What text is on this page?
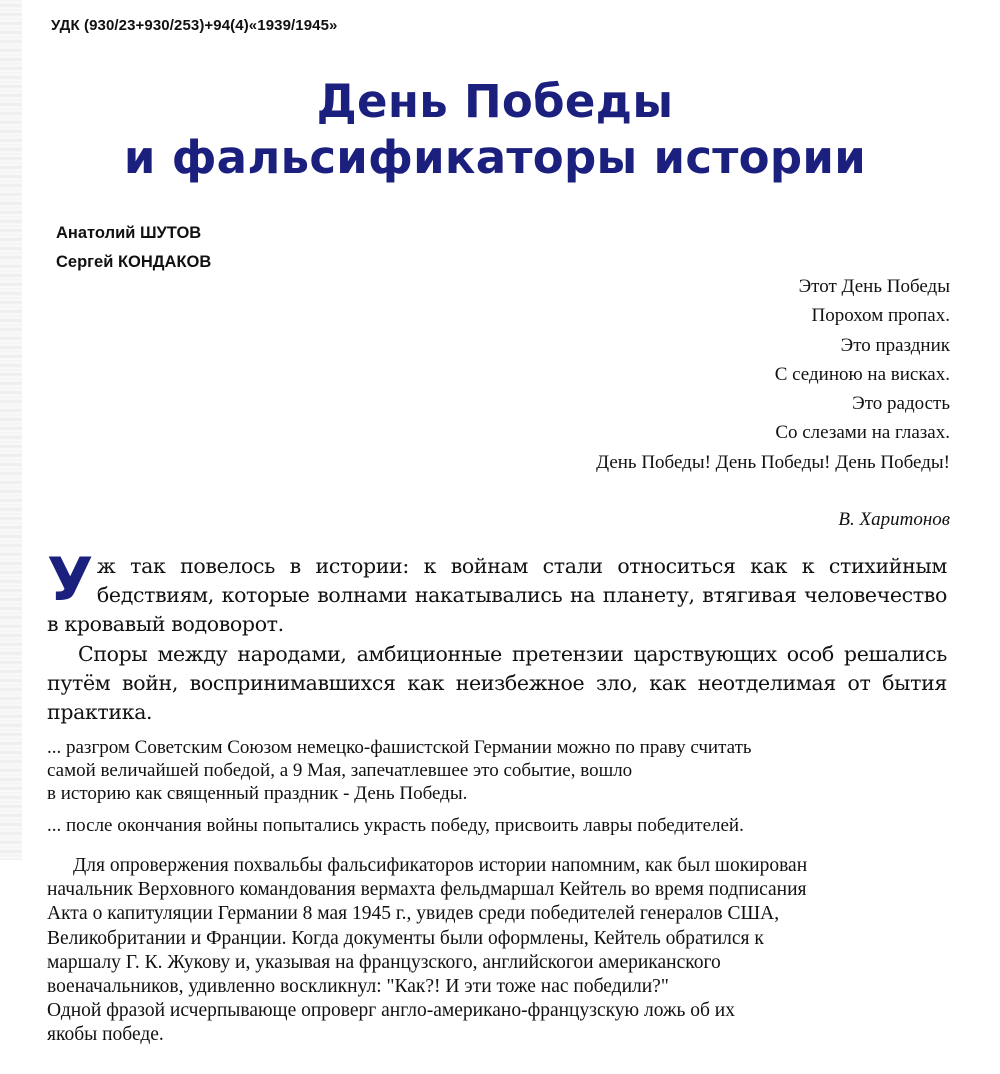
УДК (930/23+930/253)+94(4)«1939/1945»
День Победы
и фальсификаторы истории
Анатолий ШУТОВ
Сергей КОНДАКОВ
Этот День Победы
Порохом пропах.
Это праздник
С сединою на висках.
Это радость
Со слезами на глазах.
День Победы! День Победы! День Победы!
В. Харитонов

Уж так повелось в истории: к войнам стали относиться как к стихийным бедствиям, которые волнами накатывались на планету, втягивая человечество в кровавый водоворот.

Споры между народами, амбиционные претензии царствующих особ решались путём войн, воспринимавшихся как неизбежное зло, как неотделимая от бытия практика.

... разгром Советским Союзом немецко-фашистской Германии можно по праву считать
самой величайшей победой, а 9 Мая, запечатлевшее это событие, вошло
в историю как священный праздник - День Победы.
... после окончания войны попытались украсть победу, присвоить лавры победителей.
Для опровержения похвальбы фальсификаторов истории напомним, как был шокирован
начальник Верховного командования вермахта фельдмаршал Кейтель во время подписания
Акта о капитуляции Германии 8 мая 1945 г., увидев среди победителей генералов США,
Великобритании и Франции. Когда документы были оформлены, Кейтель обратился к
маршалу Г. К. Жукову и, указывая на французского, английскогои американского
военачальников, удивленно воскликнул: "Как?! И эти тоже нас победили?"
Одной фразой исчерпывающе опроверг англо-американо-французскую ложь об их
якобы победе.
